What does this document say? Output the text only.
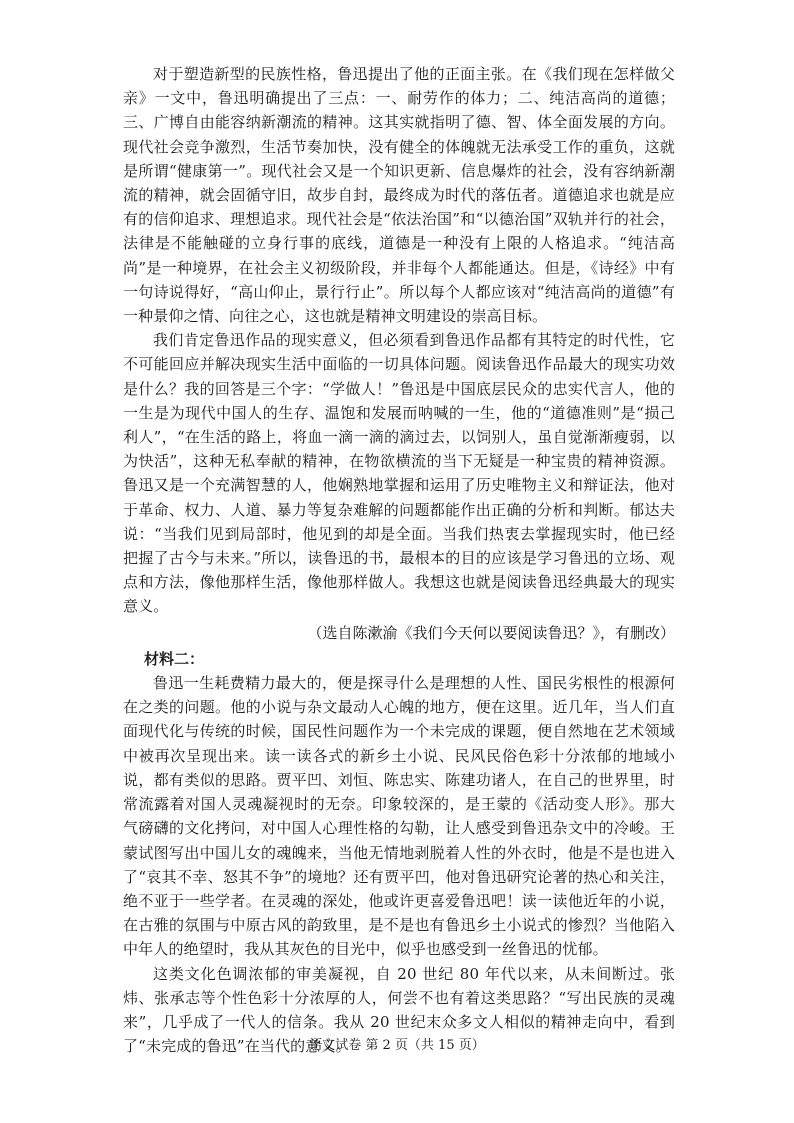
对于塑造新型的民族性格，鲁迅提出了他的正面主张。在《我们现在怎样做父亲》一文中，鲁迅明确提出了三点：一、耐劳作的体力；二、纯洁高尚的道德；三、广博自由能容纳新潮流的精神。这其实就指明了德、智、体全面发展的方向。现代社会竞争激烈，生活节奏加快，没有健全的体魄就无法承受工作的重负，这就是所谓“健康第一”。现代社会又是一个知识更新、信息爆炸的社会，没有容纳新潮流的精神，就会固循守旧，故步自封，最终成为时代的落伍者。道德追求也就是应有的信仰追求、理想追求。现代社会是“依法治国”和“以德治国”双轨并行的社会，法律是不能触碰的立身行事的底线，道德是一种没有上限的人格追求。“纯洁高尚”是一种境界，在社会主义初级阶段，并非每个人都能通达。但是，《诗经》中有一句诗说得好，“高山仰止，景行行止”。所以每个人都应该对“纯洁高尚的道德”有一种景仰之情、向往之心，这也就是精神文明建设的崇高目标。

我们肯定鲁迅作品的现实意义，但必须看到鲁迅作品都有其特定的时代性，它不可能回应并解决现实生活中面临的一切具体问题。阅读鲁迅作品最大的现实功效是什么？我的回答是三个字：“学做人！”鲁迅是中国底层民众的忠实代言人，他的一生是为现代中国人的生存、温饱和发展而呐喊的一生，他的“道德准则”是“损己利人”，“在生活的路上，将血一滴一滴的滴过去，以饲别人，虽自觉渐渐瘦弱，以为快活”，这种无私奉献的精神，在物欲横流的当下无疑是一种宝贵的精神资源。鲁迅又是一个充满智慧的人，他娴熟地掌握和运用了历史唯物主义和辩证法，他对于革命、权力、人道、暴力等复杂难解的问题都能作出正确的分析和判断。郁达夫说：“当我们见到局部时，他见到的却是全面。当我们热衷去掌握现实时，他已经把握了古今与未来。”所以，读鲁迅的书，最根本的目的应该是学习鲁迅的立场、观点和方法，像他那样生活，像他那样做人。我想这也就是阅读鲁迅经典最大的现实意义。

（选自陈漱渝《我们今天何以要阅读鲁迅？》，有删改）

材料二：

鲁迅一生耗费精力最大的，便是探寻什么是理想的人性、国民劣根性的根源何在之类的问题。他的小说与杂文最动人心魄的地方，便在这里。近几年，当人们直面现代化与传统的时候，国民性问题作为一个未完成的课题，便自然地在艺术领域中被再次呈现出来。读一读各式的新乡土小说、民风民俗色彩十分浓郁的地域小说，都有类似的思路。贾平凹、刘恒、陈忠实、陈建功诸人，在自己的世界里，时常流露着对国人灵魂凝视时的无奈。印象较深的，是王蒙的《活动变人形》。那大气磅礴的文化拷问，对中国人心理性格的勾勒，让人感受到鲁迅杂文中的冷峻。王蒙试图写出中国儿女的魂魄来，当他无情地剥脱着人性的外衣时，他是不是也进入了“哀其不幸、怒其不争”的境地？还有贾平凹，他对鲁迅研究论著的热心和关注，绝不亚于一些学者。在灵魂的深处，他或许更喜爱鲁迅吧！读一读他近年的小说，在古雅的氛围与中原古风的韵致里，是不是也有鲁迅乡土小说式的惨烈？当他陷入中年人的绝望时，我从其灰色的目光中，似乎也感受到一丝鲁迅的忧郁。

这类文化色调浓郁的审美凝视，自 20 世纪 80 年代以来，从未间断过。张炜、张承志等个性色彩十分浓厚的人，何尝不也有着这类思路？“写出民族的灵魂来”，几乎成了一代人的信条。我从 20 世纪末众多文人相似的精神走向中，看到了“未完成的鲁迅”在当代的意义。

语文试卷 第 2 页（共 15 页）
